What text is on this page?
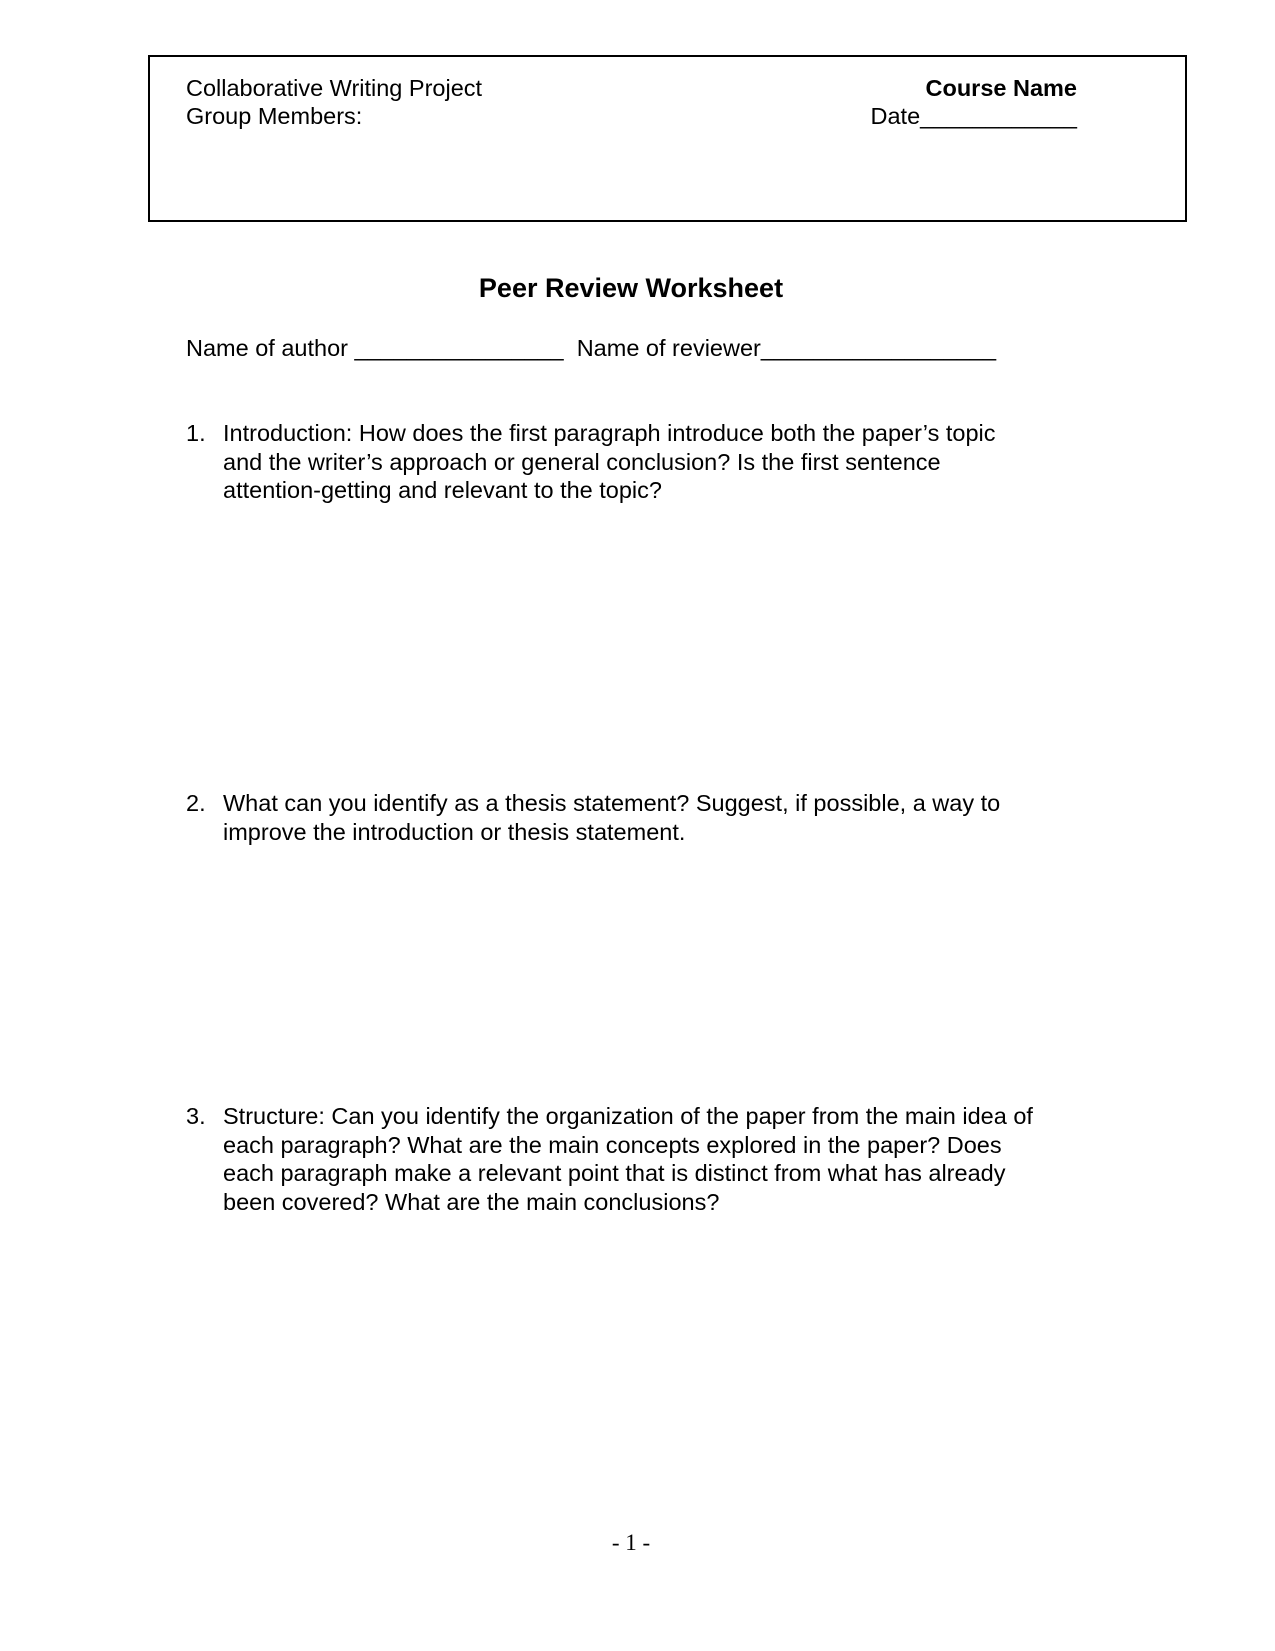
Collaborative Writing Project
Group Members:
Course Name
Date____________
Peer Review Worksheet
Name of author ________________ Name of reviewer__________________
1. Introduction: How does the first paragraph introduce both the paper’s topic
and the writer’s approach or general conclusion? Is the first sentence
attention-getting and relevant to the topic?
2. What can you identify as a thesis statement? Suggest, if possible, a way to
improve the introduction or thesis statement.
3. Structure: Can you identify the organization of the paper from the main idea of
each paragraph? What are the main concepts explored in the paper? Does
each paragraph make a relevant point that is distinct from what has already
been covered? What are the main conclusions?
- 1 -
